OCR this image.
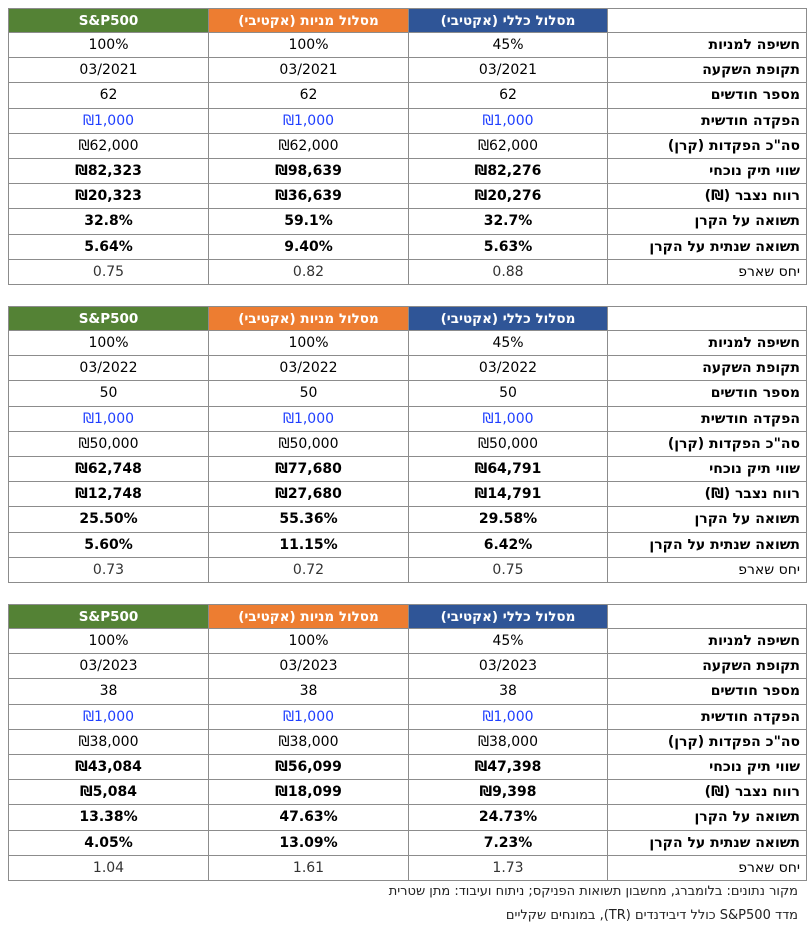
S&P500	מסלול מניות (אקטיבי)	מסלול כללי (אקטיבי)	
100%	100%	45%	חשיפה למניות
03/2021	03/2021	03/2021	תקופת השקעה
62	62	62	מספר חודשים
₪1,000	₪1,000	₪1,000	הפקדה חודשית
₪62,000	₪62,000	₪62,000	סה"כ הפקדות (קרן)
₪82,323	₪98,639	₪82,276	שווי תיק נוכחי
₪20,323	₪36,639	₪20,276	רווח נצבר (₪)
32.8%	59.1%	32.7%	תשואה על הקרן
5.64%	9.40%	5.63%	תשואה שנתית על הקרן
0.75	0.82	0.88	יחס שארפ
S&P500	מסלול מניות (אקטיבי)	מסלול כללי (אקטיבי)	
100%	100%	45%	חשיפה למניות
03/2022	03/2022	03/2022	תקופת השקעה
50	50	50	מספר חודשים
₪1,000	₪1,000	₪1,000	הפקדה חודשית
₪50,000	₪50,000	₪50,000	סה"כ הפקדות (קרן)
₪62,748	₪77,680	₪64,791	שווי תיק נוכחי
₪12,748	₪27,680	₪14,791	רווח נצבר (₪)
25.50%	55.36%	29.58%	תשואה על הקרן
5.60%	11.15%	6.42%	תשואה שנתית על הקרן
0.73	0.72	0.75	יחס שארפ
S&P500	מסלול מניות (אקטיבי)	מסלול כללי (אקטיבי)	
100%	100%	45%	חשיפה למניות
03/2023	03/2023	03/2023	תקופת השקעה
38	38	38	מספר חודשים
₪1,000	₪1,000	₪1,000	הפקדה חודשית
₪38,000	₪38,000	₪38,000	סה"כ הפקדות (קרן)
₪43,084	₪56,099	₪47,398	שווי תיק נוכחי
₪5,084	₪18,099	₪9,398	רווח נצבר (₪)
13.38%	47.63%	24.73%	תשואה על הקרן
4.05%	13.09%	7.23%	תשואה שנתית על הקרן
1.04	1.61	1.73	יחס שארפ
מקור נתונים: בלומברג, מחשבון תשואות הפניקס; ניתוח ועיבוד: מתן שטרית
מדד S&P500 כולל דיבידנדים (TR), במונחים שקליים
